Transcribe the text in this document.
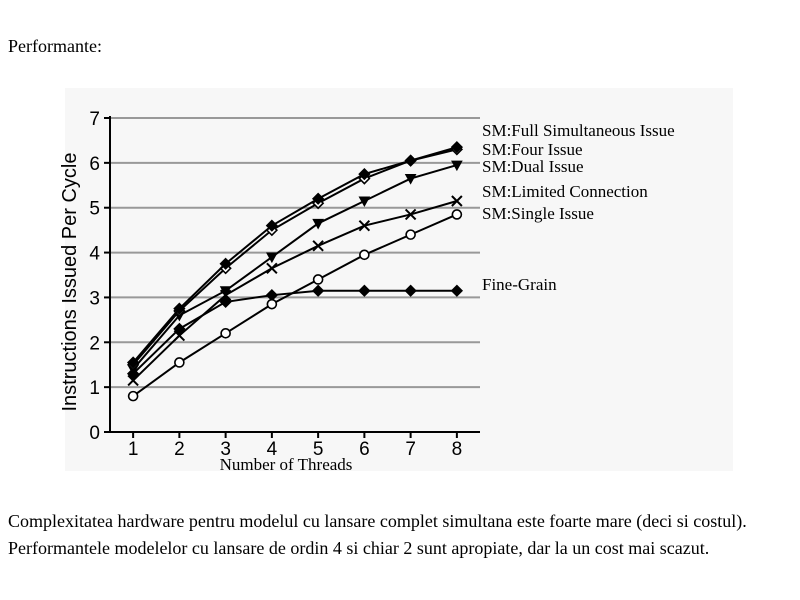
Performante:
0
1
2
3
4
5
6
7
1 2 3 4 5 6 7 8
SM:Full Simultaneous Issue
SM:Four Issue
SM:Dual Issue
SM:Limited Connection
SM:Single Issue
Fine-Grain
Number of Threads
Instructions Issued Per Cycle

Complexitatea hardware pentru modelul cu lansare complet simultana este foarte mare (deci si costul). Performantele modelelor cu lansare de ordin 4 si chiar 2 sunt apropiate, dar la un cost mai scazut.
